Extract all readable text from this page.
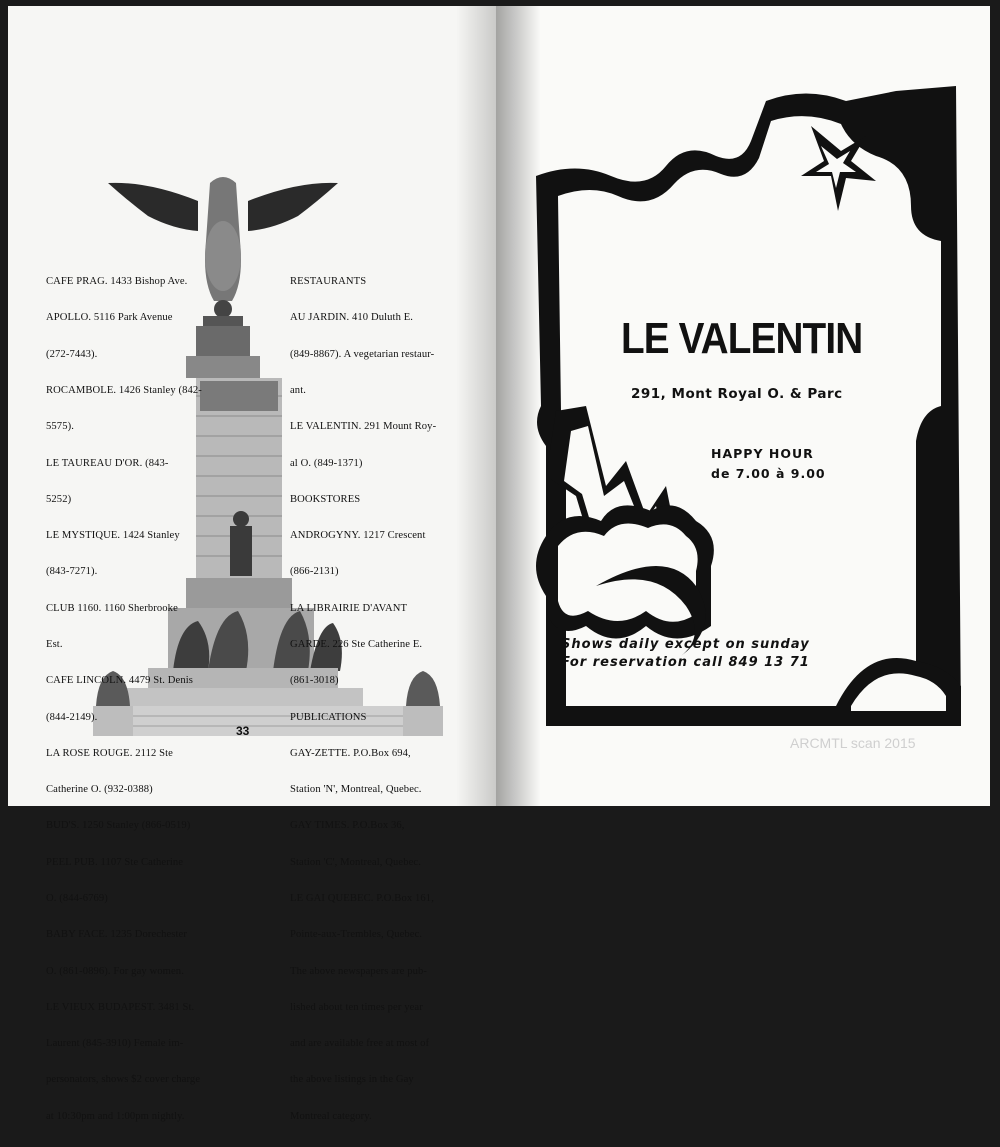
CAFE PRAG. 1433 Bishop Ave.

APOLLO. 5116 Park Avenue

(272-7443).

ROCAMBOLE. 1426 Stanley (842-

5575).

LE TAUREAU D'OR. (843-

5252)

LE MYSTIQUE. 1424 Stanley

(843-7271).

CLUB 1160. 1160 Sherbrooke

Est.

CAFE LINCOLN. 4479 St. Denis

(844-2149).

LA ROSE ROUGE. 2112 Ste

Catherine O. (932-0388)

BUD'S. 1250 Stanley (866-0519)

PEEL PUB. 1107 Ste Catherine

O. (844-6769)

BABY FACE. 1235 Dorechester

O. (861-0896). For gay women.

LE VIEUX BUDAPEST. 3481 St.

Laurent (845-3910) Female im-

personators, shows $2 cover charge

at 10:30pm and 1:00pm nightly.

RESTAURANTS

AU JARDIN. 410 Duluth E.

(849-8867). A vegetarian restaur-

ant.

LE VALENTIN. 291 Mount Roy-

al O. (849-1371)

BOOKSTORES

ANDROGYNY. 1217 Crescent

(866-2131)

LA LIBRAIRIE D'AVANT

GARDE. 226 Ste Catherine E.

(861-3018)

PUBLICATIONS

GAY-ZETTE. P.O.Box 694,

Station 'N', Montreal, Quebec.

GAY TIMES. P.O.Box 36,

Station 'C', Montreal, Quebec.

LE GAI QUEBEC. P.O.Box 161,

Pointe-aux-Trembles, Quebec.

The above newspapers are pub-

lished about ten times per year

and are available free at most of

the above listings in the Gay

Montreal category.

33
LE VALENTIN
291, Mont Royal O. & Parc
HAPPY HOUR
de 7.00 à 9.00
Shows daily except on sunday
For reservation call 849 13 71
ARCMTL scan 2015
